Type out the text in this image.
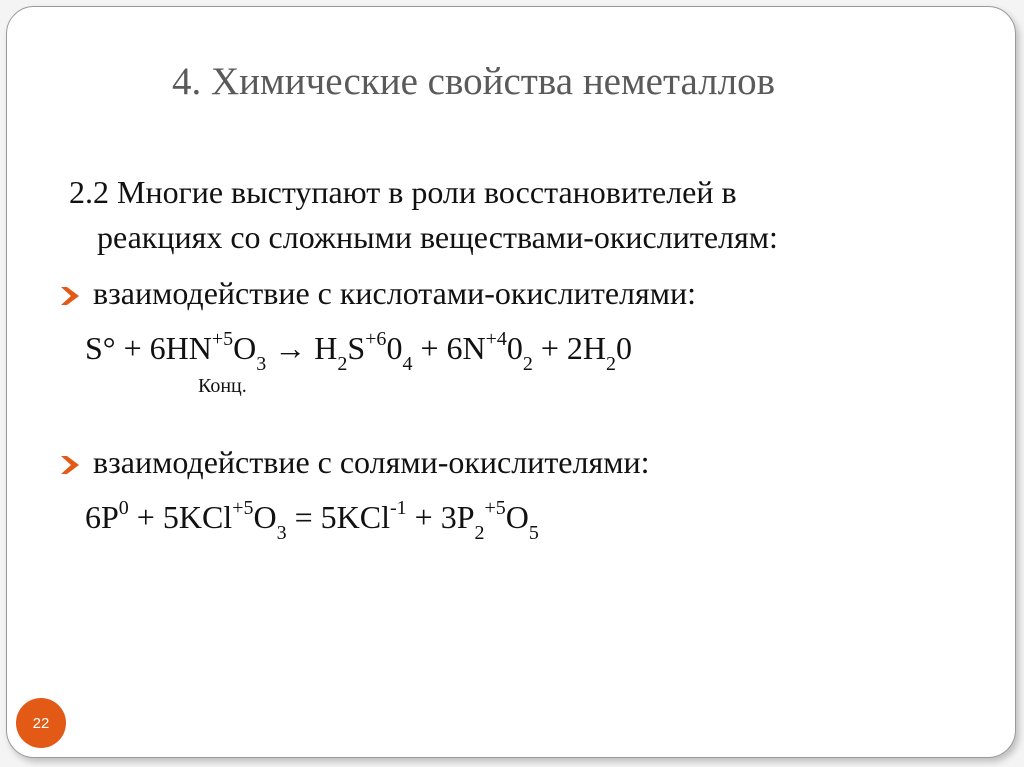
4. Химические свойства неметаллов
2.2 Многие выступают в роли восстановителей в
реакциях со сложными веществами-окислителям:
взаимодействие с кислотами-окислителями:
$S^\circ + 6HN^{+5}O_3 \to H_2S^{+6}0_4 + 6N^{+4}0_2 + 2H_20$
Конц.
взаимодействие с солями-окислителями:
$6P^0 + 5KCl^{+5}O_3 = 5KCl^{-1} + 3P_2^{+5}O_5$
22
